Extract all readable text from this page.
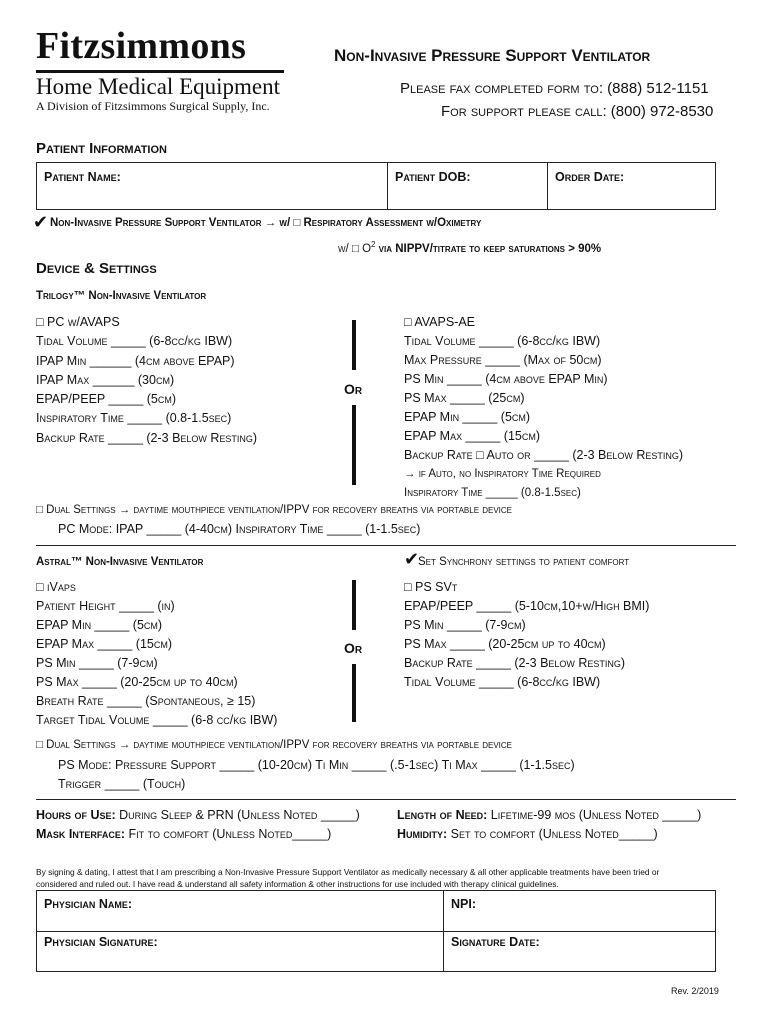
Fitzsimmons
Home Medical Equipment
A Division of Fitzsimmons Surgical Supply, Inc.
Non-Invasive Pressure Support Ventilator
Please fax completed form to: (888) 512-1151
For support please call: (800) 972-8530
Patient Information
Patient Name:	Patient DOB:	Order Date:
✔ Non-Invasive Pressure Support Ventilator → w/ □ Respiratory Assessment w/Oximetry
w/ □ $O^2$ via NIPPV/titrate to keep saturations > 90%
Device & Settings
Trilogy™ Non-Invasive Ventilator
□ PC w/AVAPS
Tidal Volume _____ (6-8cc/kg IBW)
IPAP Min ______ (4cm above EPAP)
IPAP Max ______ (30cm)
EPAP/PEEP _____ (5cm)
Inspiratory Time _____ (0.8-1.5sec)
Backup Rate _____ (2-3 Below Resting)
Or
□ AVAPS-AE
Tidal Volume _____ (6-8cc/kg IBW)
Max Pressure _____ (Max of 50cm)
PS Min _____ (4cm above EPAP Min)
PS Max _____ (25cm)
EPAP Min _____ (5cm)
EPAP Max _____ (15cm)
Backup Rate □ Auto or _____ (2-3 Below Resting)
→ if Auto, no Inspiratory Time Required
Inspiratory Time _____ (0.8-1.5sec)
□ Dual Settings → daytime mouthpiece ventilation/IPPV for recovery breaths via portable device
PC Mode: IPAP _____ (4-40cm) Inspiratory Time _____ (1-1.5sec)
Astral™ Non-Invasive Ventilator	✔
Set Synchrony settings to patient comfort
□ iVaps
Patient Height _____ (in)
EPAP Min _____ (5cm)
EPAP Max _____ (15cm)
PS Min _____ (7-9cm)
PS Max _____ (20-25cm up to 40cm)
Breath Rate _____ (Spontaneous, ≥ 15)
Target Tidal Volume _____ (6-8 cc/kg IBW)
Or
□ PS SVt
EPAP/PEEP _____ (5-10cm,10+w/High BMI)
PS Min _____ (7-9cm)
PS Max _____ (20-25cm up to 40cm)
Backup Rate _____ (2-3 Below Resting)
Tidal Volume _____ (6-8cc/kg IBW)
□ Dual Settings → daytime mouthpiece ventilation/IPPV for recovery breaths via portable device
PS Mode: Pressure Support _____ (10-20cm) Ti Min _____ (.5-1sec) Ti Max _____ (1-1.5sec)
Trigger _____ (Touch)
Hours of Use: During Sleep & PRN (Unless Noted _____)	Length of Need: Lifetime-99 mos (Unless Noted _____)
Mask Interface: Fit to comfort (Unless Noted_____)	Humidity: Set to comfort (Unless Noted_____)
By signing & dating, I attest that I am prescribing a Non-Invasive Pressure Support Ventilator as medically necessary & all other applicable treatments have been tried or
considered and ruled out. I have read & understand all safety information & other instructions for use included with therapy clinical guidelines.
Physician Name:	NPI:
Physician Signature:	Signature Date:
Rev. 2/2019
